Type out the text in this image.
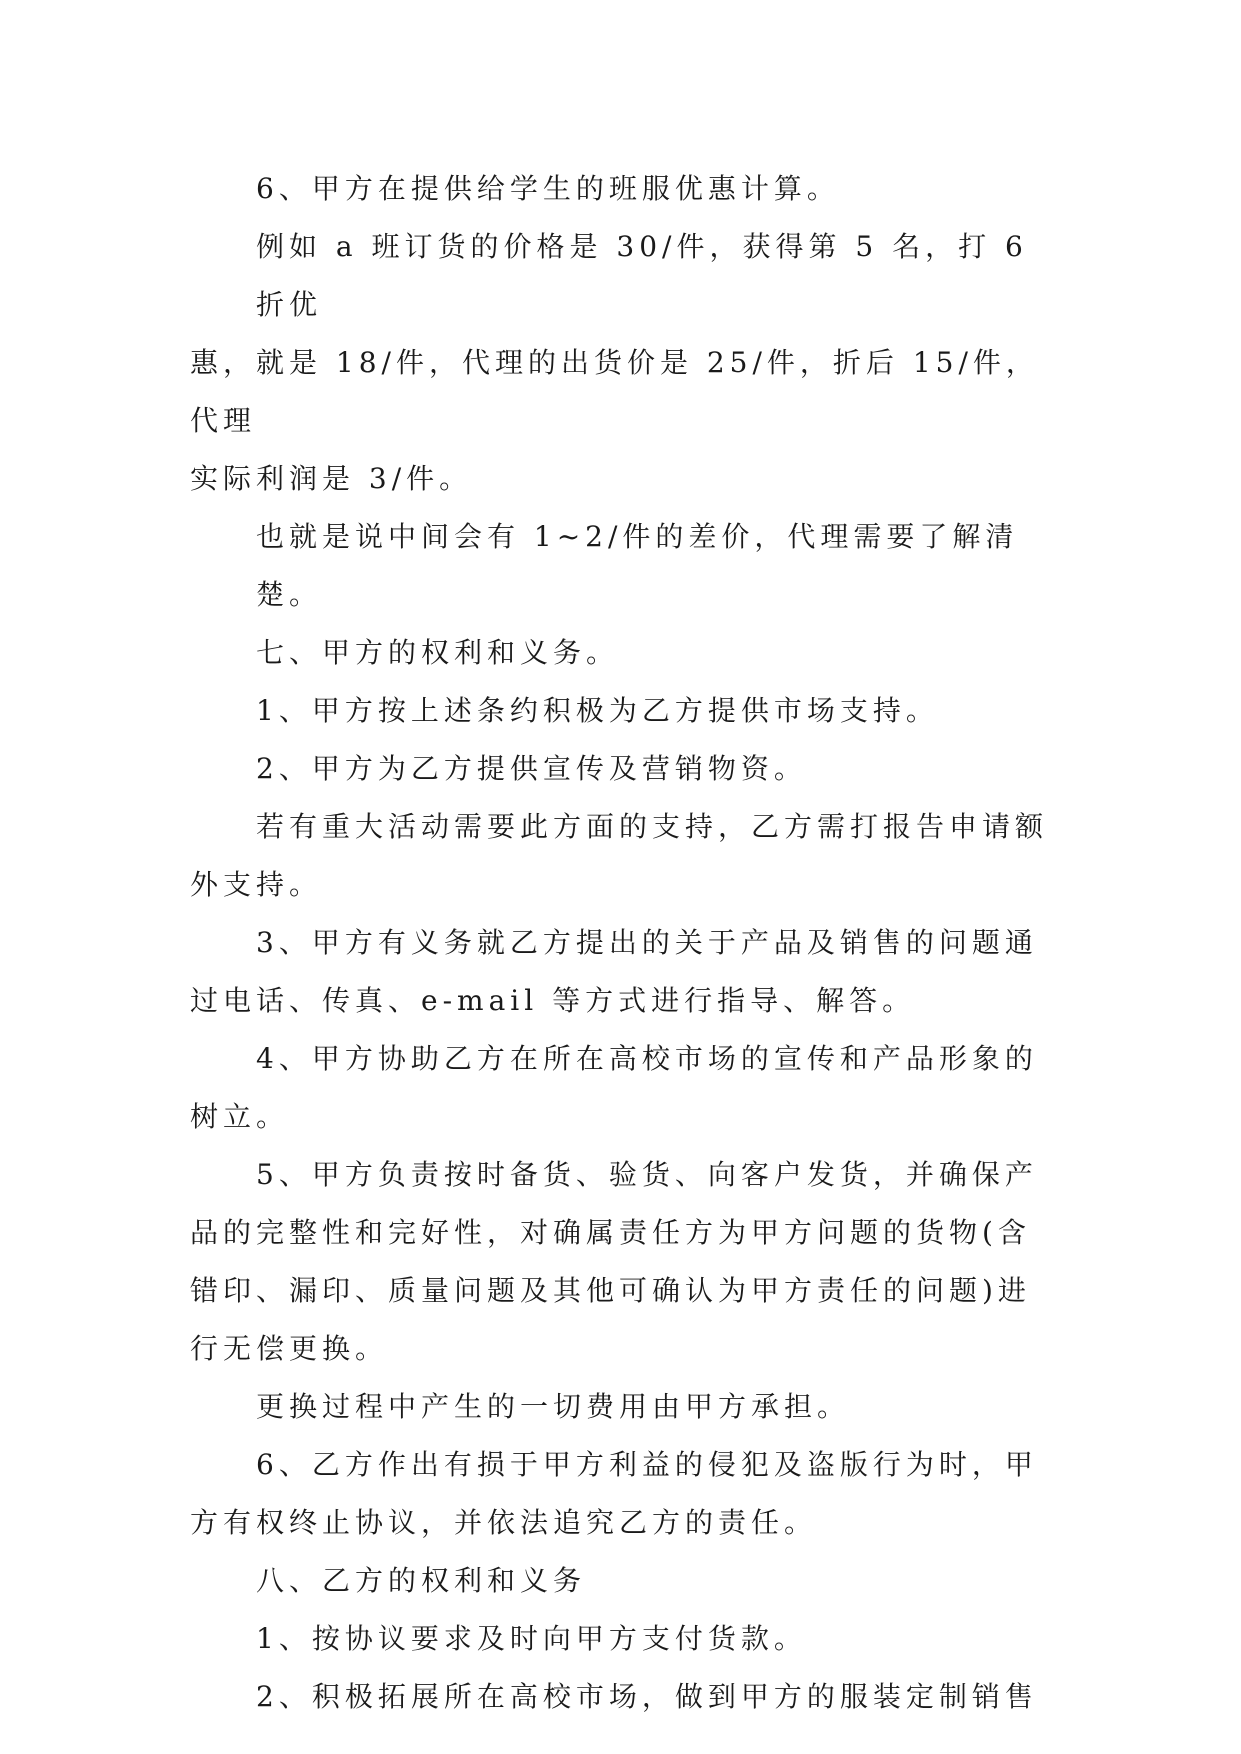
6、甲方在提供给学生的班服优惠计算。
例如 a 班订货的价格是 30/件，获得第 5 名，打 6 折优
惠，就是 18/件，代理的出货价是 25/件，折后 15/件，代理
实际利润是 3/件。
也就是说中间会有 1~2/件的差价，代理需要了解清楚。
七、甲方的权利和义务。
1、甲方按上述条约积极为乙方提供市场支持。
2、甲方为乙方提供宣传及营销物资。
若有重大活动需要此方面的支持，乙方需打报告申请额
外支持。
3、甲方有义务就乙方提出的关于产品及销售的问题通
过电话、传真、e-mail 等方式进行指导、解答。
4、甲方协助乙方在所在高校市场的宣传和产品形象的
树立。
5、甲方负责按时备货、验货、向客户发货，并确保产
品的完整性和完好性，对确属责任方为甲方问题的货物(含
错印、漏印、质量问题及其他可确认为甲方责任的问题)进
行无偿更换。
更换过程中产生的一切费用由甲方承担。
6、乙方作出有损于甲方利益的侵犯及盗版行为时，甲
方有权终止协议，并依法追究乙方的责任。
八、乙方的权利和义务
1、按协议要求及时向甲方支付货款。
2、积极拓展所在高校市场，做到甲方的服装定制销售
